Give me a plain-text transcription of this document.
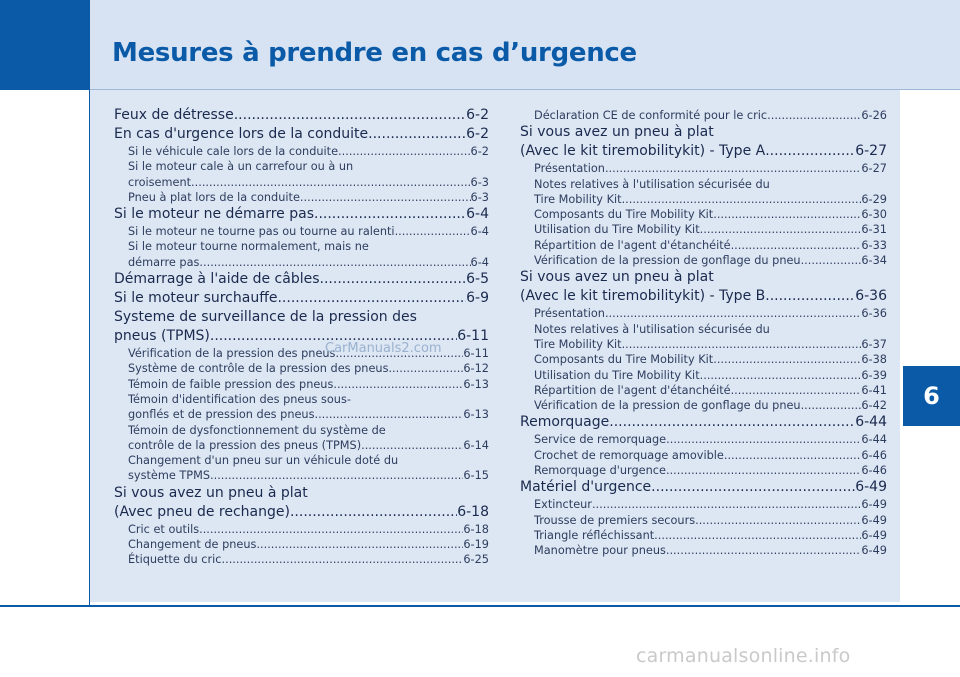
Mesures à prendre en cas d’urgence
6
Feux de détresse .....	6-2
En cas d'urgence lors de la conduite .....	6-2
Si le véhicule cale lors de la conduite .....	6-2
Si le moteur cale à un carrefour ou à un
croisement .....	6-3
Pneu à plat lors de la conduite .....	6-3
Si le moteur ne démarre pas .....	6-4
Si le moteur ne tourne pas ou tourne au ralenti .....	6-4
Si le moteur tourne normalement, mais ne
démarre pas .....	6-4
Démarrage à l'aide de câbles .....	6-5
Si le moteur surchauffe .....	6-9
Systeme de surveillance de la pression des
pneus (TPMS) .....	6-11
Vérification de la pression des pneus .....	6-11
Système de contrôle de la pression des pneus .....	6-12
Témoin de faible pression des pneus .....	6-13
Témoin d'identification des pneus sous-
gonflés et de pression des pneus .....	6-13
Témoin de dysfonctionnement du système de
contrôle de la pression des pneus (TPMS) .....	6-14
Changement d'un pneu sur un véhicule doté du
système TPMS .....	6-15
Si vous avez un pneu à plat
(Avec pneu de rechange) .....	6-18
Cric et outils .....	6-18
Changement de pneus .....	6-19
Étiquette du cric .....	6-25
Déclaration CE de conformité pour le cric .....	6-26
Si vous avez un pneu à plat
(Avec le kit tiremobilitykit) - Type A .....	6-27
Présentation .....	6-27
Notes relatives à l'utilisation sécurisée du
Tire Mobility Kit .....	6-29
Composants du Tire Mobility Kit .....	6-30
Utilisation du Tire Mobility Kit .....	6-31
Répartition de l'agent d'étanchéité .....	6-33
Vérification de la pression de gonflage du pneu .....	6-34
Si vous avez un pneu à plat
(Avec le kit tiremobilitykit) - Type B .....	6-36
Présentation .....	6-36
Notes relatives à l'utilisation sécurisée du
Tire Mobility Kit .....	6-37
Composants du Tire Mobility Kit .....	6-38
Utilisation du Tire Mobility Kit .....	6-39
Répartition de l'agent d'étanchéité .....	6-41
Vérification de la pression de gonflage du pneu .....	6-42
Remorquage .....	6-44
Service de remorquage .....	6-44
Crochet de remorquage amovible .....	6-46
Remorquage d'urgence .....	6-46
Matériel d'urgence .....	6-49
Extincteur .....	6-49
Trousse de premiers secours .....	6-49
Triangle réfléchissant .....	6-49
Manomètre pour pneus .....	6-49

CarManuals2.com

carmanualsonline.info
